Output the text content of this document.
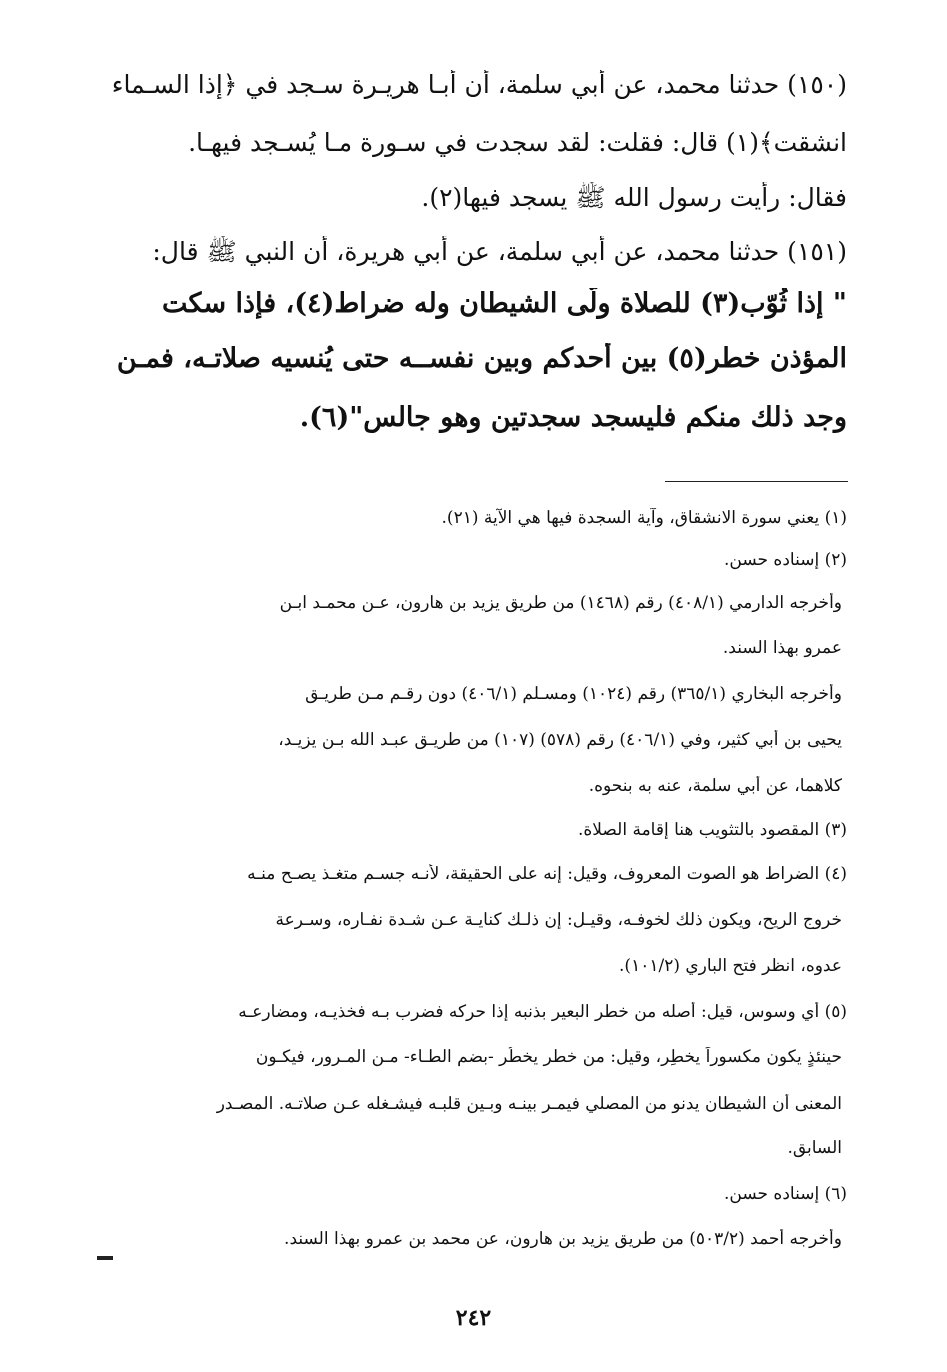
(١٥٠) حدثنا محمد، عن أبي سلمة، أن أبـا هريـرة سـجد في ﴿إذا السـماء
انشقت﴾(١) قال: فقلت: لقد سجدت في سـورة مـا يُسـجد فيهـا.
فقال: رأيت رسول الله ﷺ يسجد فيها(٢).
(١٥١) حدثنا محمد، عن أبي سلمة، عن أبي هريرة، أن النبي ﷺ قال:
" إذا ثُوّب(٣) للصلاة ولّى الشيطان وله ضراط(٤)، فإذا سكت
المؤذن خطر(٥) بين أحدكم وبين نفســه حتى يُنسيه صلاتـه، فمـن
وجد ذلك منكم فليسجد سجدتين وهو جالس"(٦).
(١) يعني سورة الانشقاق، وآية السجدة فيها هي الآية (٢١).
(٢) إسناده حسن.
وأخرجه الدارمي (٤٠٨/١) رقم (١٤٦٨) من طريق يزيد بن هارون، عـن محمـد ابـن
عمرو بهذا السند.
وأخرجه البخاري (٣٦٥/١) رقم (١٠٢٤) ومسـلم (٤٠٦/١) دون رقـم مـن طريـق
يحيى بن أبي كثير، وفي (٤٠٦/١) رقم (٥٧٨) (١٠٧) من طريـق عبـد الله بـن يزيـد،
كلاهما، عن أبي سلمة، عنه به بنحوه.
(٣) المقصود بالتثويب هنا إقامة الصلاة.
(٤) الضراط هو الصوت المعروف، وقيل: إنه على الحقيقة، لأنـه جسـم متغـذ يصـح منـه
خروج الريح، ويكون ذلك لخوفـه، وقيـل: إن ذلـك كنايـة عـن شـدة نفـاره، وسـرعة
عدوه، انظر فتح الباري (١٠١/٢).
(٥) أي وسوس، قيل: أصله من خطر البعير بذنبه إذا حركه فضرب بـه فخذيـه، ومضارعـه
حينئذٍ يكون مكسوراً يخطِر، وقيل: من خطر يخطُر -بضم الطـاء- مـن المـرور، فيكـون
المعنى أن الشيطان يدنو من المصلي فيمـر بينـه وبـين قلبـه فيشـغله عـن صلاتـه. المصـدر
السابق.
(٦) إسناده حسن.
وأخرجه أحمد (٥٠٣/٢) من طريق يزيد بن هارون، عن محمد بن عمرو بهذا السند.
٢٤٢
